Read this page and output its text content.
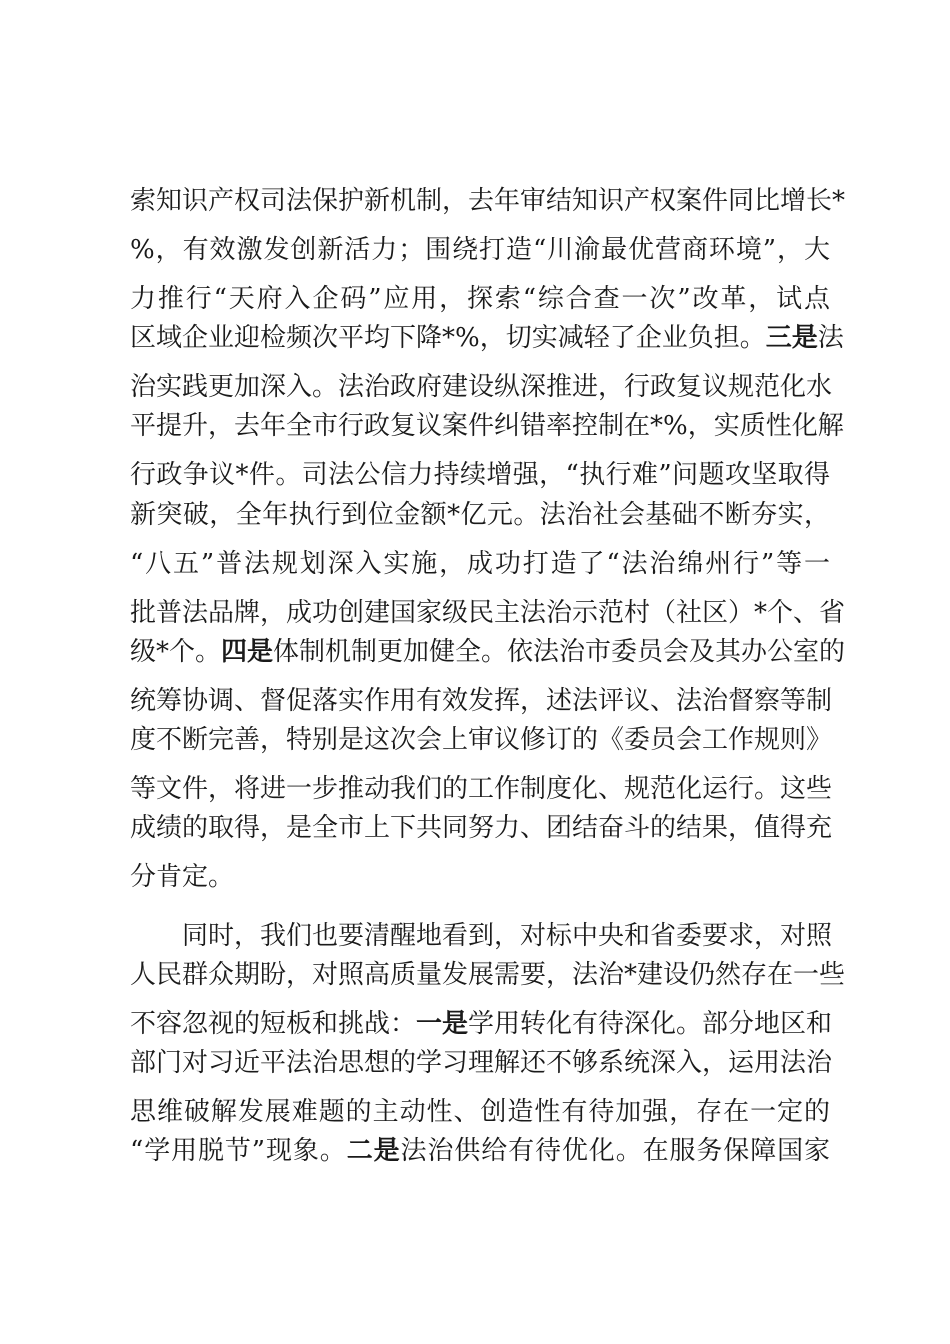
索知识产权司法保护新机制，去年审结知识产权案件同比增长*
%，有效激发创新活力；围绕打造“川渝最优营商环境”，大
力推行“天府入企码”应用，探索“综合查一次”改革，试点
区域企业迎检频次平均下降*%，切实减轻了企业负担。三是法
治实践更加深入。法治政府建设纵深推进，行政复议规范化水
平提升，去年全市行政复议案件纠错率控制在*%，实质性化解
行政争议*件。司法公信力持续增强，“执行难”问题攻坚取得
新突破，全年执行到位金额*亿元。法治社会基础不断夯实，
“八五”普法规划深入实施，成功打造了“法治绵州行”等一
批普法品牌，成功创建国家级民主法治示范村（社区）*个、省
级*个。四是体制机制更加健全。依法治市委员会及其办公室的
统筹协调、督促落实作用有效发挥，述法评议、法治督察等制
度不断完善，特别是这次会上审议修订的《委员会工作规则》
等文件，将进一步推动我们的工作制度化、规范化运行。这些
成绩的取得，是全市上下共同努力、团结奋斗的结果，值得充
分肯定。
同时，我们也要清醒地看到，对标中央和省委要求，对照
人民群众期盼，对照高质量发展需要，法治*建设仍然存在一些
不容忽视的短板和挑战：一是学用转化有待深化。部分地区和
部门对习近平法治思想的学习理解还不够系统深入，运用法治
思维破解发展难题的主动性、创造性有待加强，存在一定的
“学用脱节”现象。二是法治供给有待优化。在服务保障国家
